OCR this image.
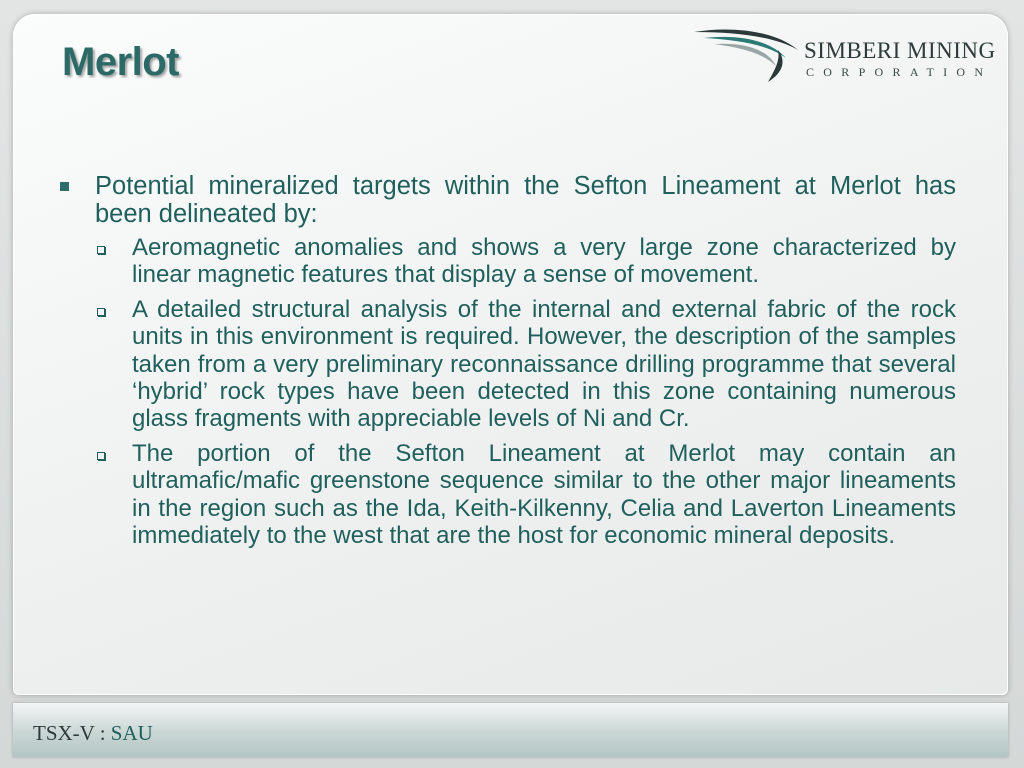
Merlot	SIMBERI MINING
CORPORATION
Potential mineralized targets within the Sefton Lineament at Merlot has been delineated by:
Aeromagnetic anomalies and shows a very large zone characterized by linear magnetic features that display a sense of movement.
A detailed structural analysis of the internal and external fabric of the rock units in this environment is required. However, the description of the samples taken from a very preliminary reconnaissance drilling programme that several ‘hybrid’ rock types have been detected in this zone containing numerous glass fragments with appreciable levels of Ni and Cr.
The portion of the Sefton Lineament at Merlot may contain an ultramafic/mafic greenstone sequence similar to the other major lineaments in the region such as the Ida, Keith-Kilkenny, Celia and Laverton Lineaments immediately to the west that are the host for economic mineral deposits.
TSX-V : SAU
